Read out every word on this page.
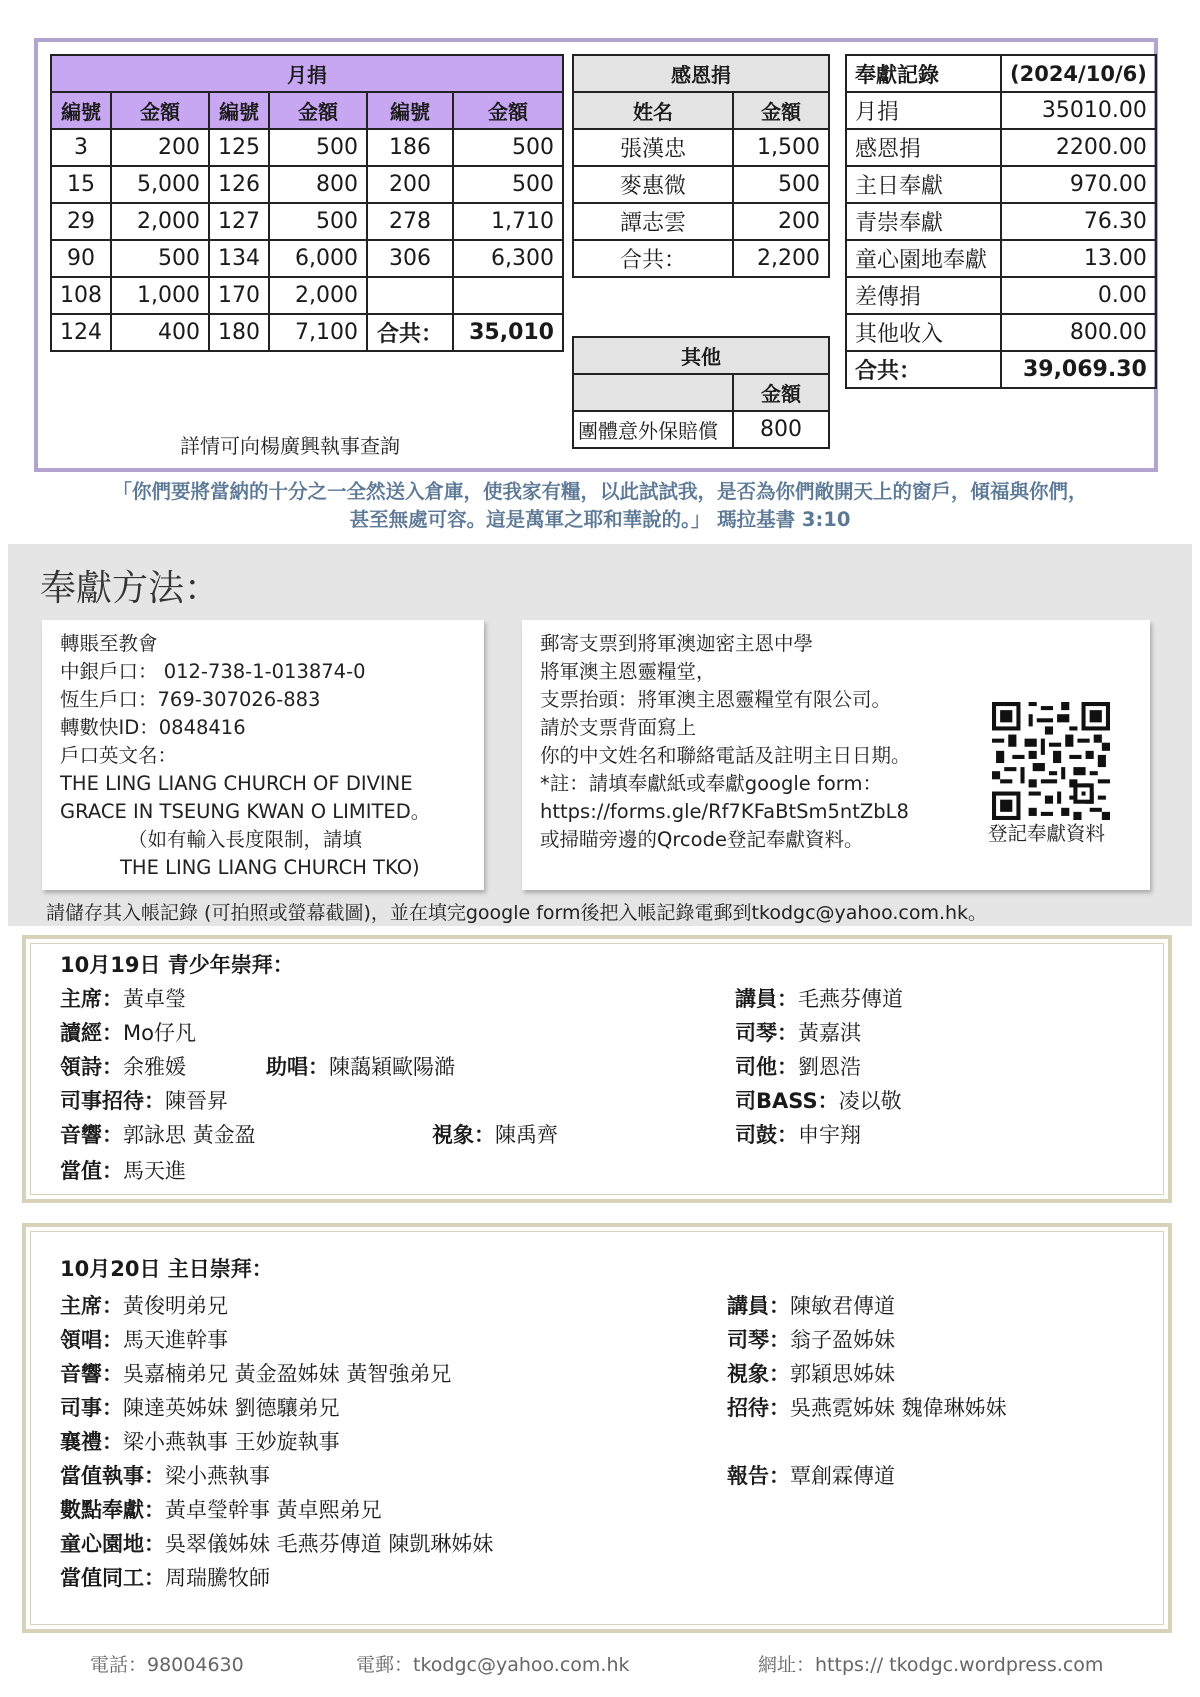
月捐					
編號	金額	編號	金額	編號	金額
3	200	125	500	186	500
15	5,000	126	800	200	500
29	2,000	127	500	278	1,710
90	500	134	6,000	306	6,300
108	1,000	170	2,000		
124	400	180	7,100	合共：	35,010
詳情可向楊廣興執事查詢
感恩捐	
姓名	金額
張漢忠	1,500
麥惠微	500
譚志雲	200
合共：	2,200
其他	
	金額
團體意外保賠償	800
奉獻記錄	(2024/10/6)
月捐	35010.00
感恩捐	2200.00
主日奉獻	970.00
青崇奉獻	76.30
童心園地奉獻	13.00
差傳捐	0.00
其他收入	800.00
合共：	39,069.30
「你們要將當納的十分之一全然送入倉庫，使我家有糧，以此試試我，是否為你們敞開天上的窗戶，傾福與你們，
甚至無處可容。這是萬軍之耶和華說的。」 瑪拉基書 3:10
奉獻方法：
轉賬至教會
中銀戶口： 012-738-1-013874-0
恆生戶口：769-307026-883
轉數快ID：0848416
戶口英文名：
THE LING LIANG CHURCH OF DIVINE
GRACE IN TSEUNG KWAN O LIMITED。
（如有輸入長度限制，請填
THE LING LIANG CHURCH TKO)
郵寄支票到將軍澳迦密主恩中學
將軍澳主恩靈糧堂，
支票抬頭：將軍澳主恩靈糧堂有限公司。
請於支票背面寫上
你的中文姓名和聯絡電話及註明主日日期。
*註：請填奉獻紙或奉獻google form：
https://forms.gle/Rf7KFaBtSm5ntZbL8
或掃瞄旁邊的Qrcode登記奉獻資料。	登記奉獻資料
請儲存其入帳記錄 (可拍照或螢幕截圖)，並在填完google form後把入帳記錄電郵到tkodgc@yahoo.com.hk。
10月19日 青少年崇拜：
主席：黃卓瑩
讀經：Mo仔凡
領詩：余雅媛	助唱：陳藹穎歐陽澔
司事招待：陳晉昇
音響：郭詠思 黃金盈	視象：陳禹齊
當值：馬天進
講員：毛燕芬傳道
司琴：黃嘉淇
司他：劉恩浩
司BASS：凌以敬
司鼓：申宇翔
10月20日 主日崇拜：
主席：黃俊明弟兄
領唱：馬天進幹事
音響：吳嘉楠弟兄 黃金盈姊妹 黃智強弟兄
司事：陳達英姊妹 劉德驤弟兄
襄禮：梁小燕執事 王妙旋執事
當值執事：梁小燕執事
數點奉獻：黃卓瑩幹事 黃卓熙弟兄
童心園地：吳翠儀姊妹 毛燕芬傳道 陳凱琳姊妹
當值同工：周瑞騰牧師
講員：陳敏君傳道
司琴：翁子盈姊妹
視象：郭穎思姊妹
招待：吳燕霓姊妹 魏偉琳姊妹
報告：覃創霖傳道
電話：98004630	電郵：tkodgc@yahoo.com.hk	網址：https:// tkodgc.wordpress.com
